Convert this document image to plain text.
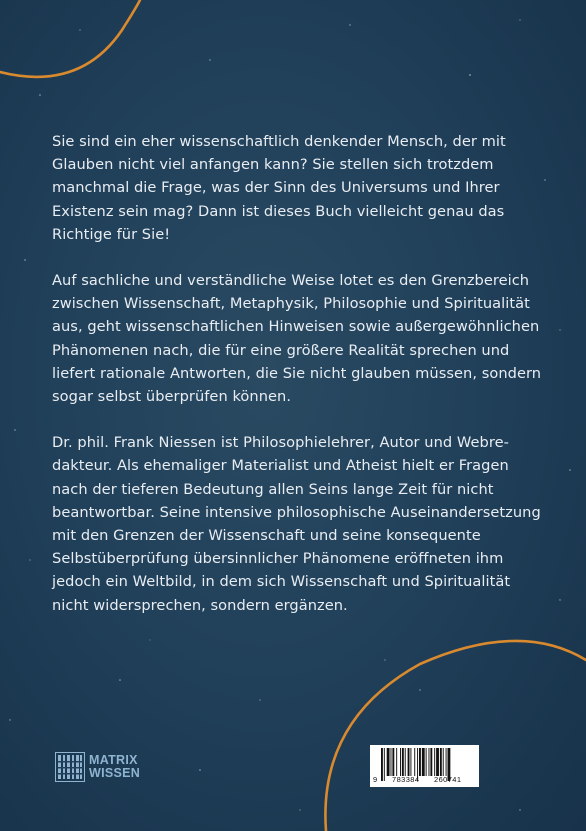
Sie sind ein eher wissenschaftlich denkender Mensch, der mit
Glauben nicht viel anfangen kann? Sie stellen sich trotzdem
manchmal die Frage, was der Sinn des Universums und Ihrer
Existenz sein mag? Dann ist dieses Buch vielleicht genau das
Richtige für Sie!

Auf sachliche und verständliche Weise lotet es den Grenzbereich
zwischen Wissenschaft, Metaphysik, Philosophie und Spiritualität
aus, geht wissenschaftlichen Hinweisen sowie außergewöhnlichen
Phänomenen nach, die für eine größere Realität sprechen und
liefert rationale Antworten, die Sie nicht glauben müssen, sondern
sogar selbst überprüfen können.

Dr. phil. Frank Niessen ist Philosophielehrer, Autor und Webre-
dakteur. Als ehemaliger Materialist und Atheist hielt er Fragen
nach der tieferen Bedeutung allen Seins lange Zeit für nicht
beantwortbar. Seine intensive philosophische Auseinandersetzung
mit den Grenzen der Wissenschaft und seine konsequente
Selbstüberprüfung übersinnlicher Phänomene eröffneten ihm
jedoch ein Weltbild, in dem sich Wissenschaft und Spiritualität
nicht widersprechen, sondern ergänzen.

MATRIX
WISSEN	9 783384 260741
